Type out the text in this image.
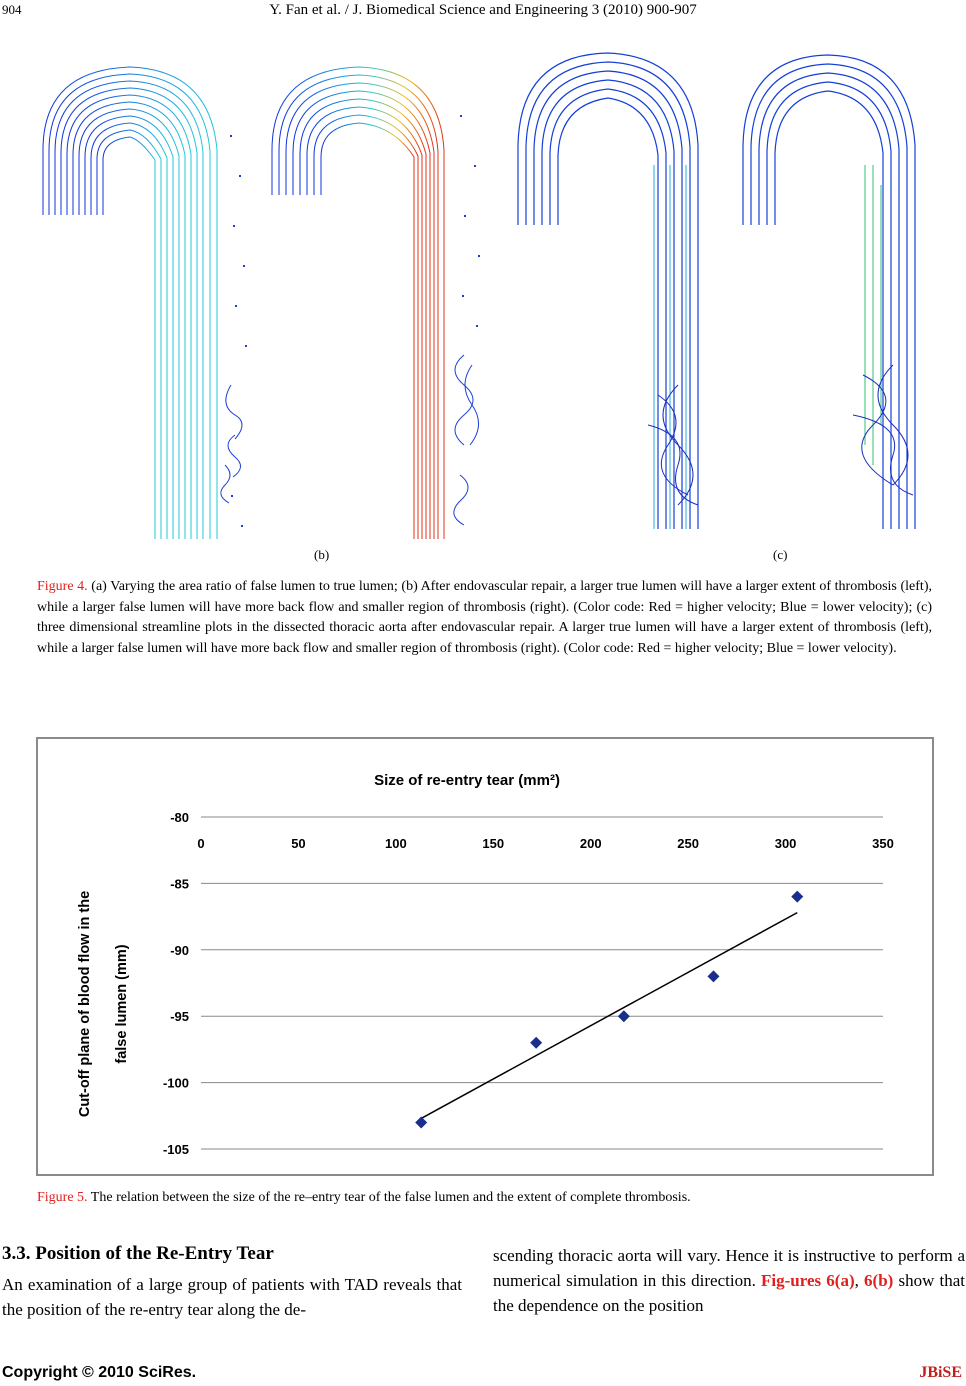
904	Y. Fan et al. / J. Biomedical Science and Engineering 3 (2010) 900-907
(b)	(c)
Figure 4. (a) Varying the area ratio of false lumen to true lumen; (b) After endovascular repair, a larger true lumen will have a larger extent of thrombosis (left), while a larger false lumen will have more back flow and smaller region of thrombosis (right). (Color code: Red = higher velocity; Blue = lower velocity); (c) three dimensional streamline plots in the dissected thoracic aorta after endovascular repair. A larger true lumen will have a larger extent of thrombosis (left), while a larger false lumen will have more back flow and smaller region of thrombosis (right). (Color code: Red = higher velocity; Blue = lower velocity).
Size of re-entry tear (mm²)
Cut-off plane of blood flow in the false lumen (mm)
-80
-85
-90
-95
-100
-105
0	50	100	150	200	250	300	350
Figure 5. The relation between the size of the re–entry tear of the false lumen and the extent of complete thrombosis.
3.3. Position of the Re-Entry Tear
An examination of a large group of patients with TAD reveals that the position of the re-entry tear along the de-
scending thoracic aorta will vary. Hence it is instructive to perform a numerical simulation in this direction. Fig-ures 6(a), 6(b) show that the dependence on the position
Copyright © 2010 SciRes.	JBiSE
